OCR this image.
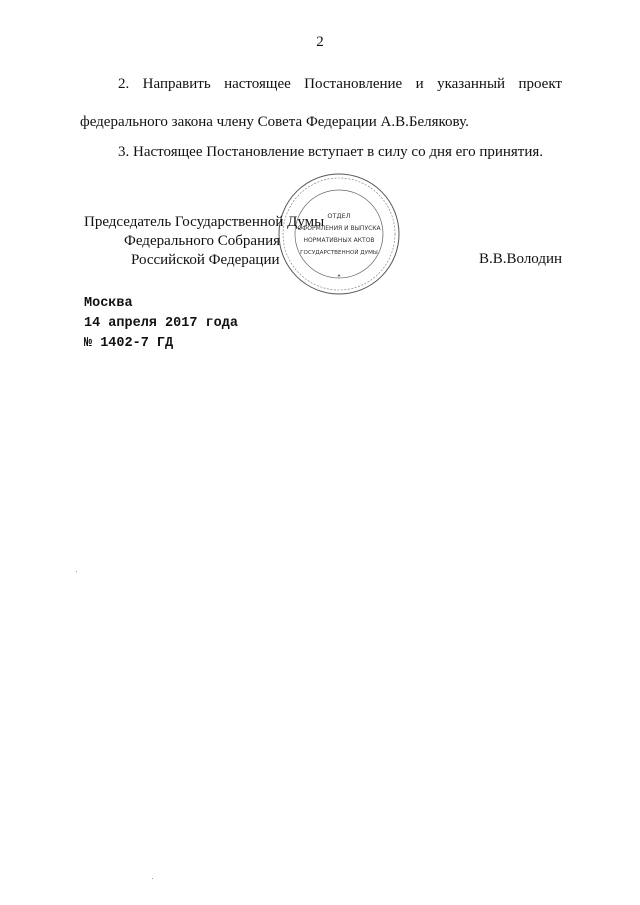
2
2. Направить настоящее Постановление и указанный проект
федерального закона члену Совета Федерации А.В.Белякову.
3. Настоящее Постановление вступает в силу со дня его принятия.
ОТДЕЛ
ОФОРМЛЕНИЯ И ВЫПУСКА
НОРМАТИВНЫХ АКТОВ
ГОСУДАРСТВЕННОЙ ДУМЫ
Председатель Государственной Думы
Федерального Собрания
Российской Федерации	В.В.Володин
Москва
14 апреля 2017 года
№ 1402-7 ГД
